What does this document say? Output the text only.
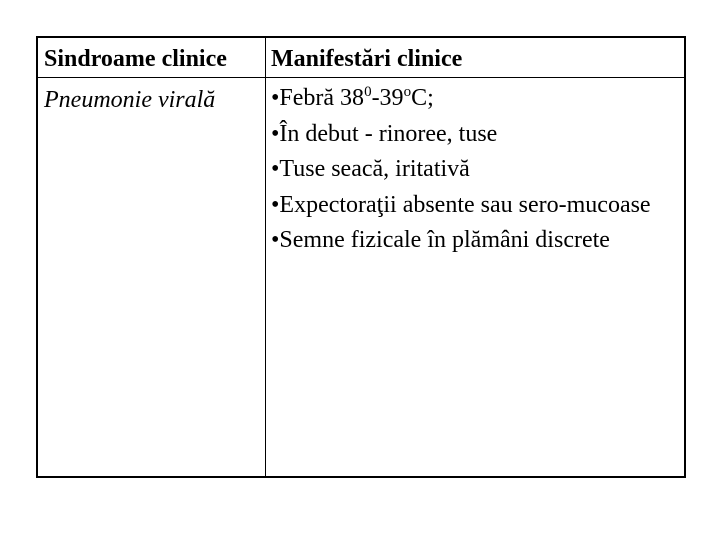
Sindroame clinice Manifestări clinice
Pneumonie virală •Febră $38^0-39^oC$;
•În debut - rinoree, tuse
•Tuse seacă, iritativă
•Expectoraţii absente sau sero-mucoase
•Semne fizicale în plămâni discrete
